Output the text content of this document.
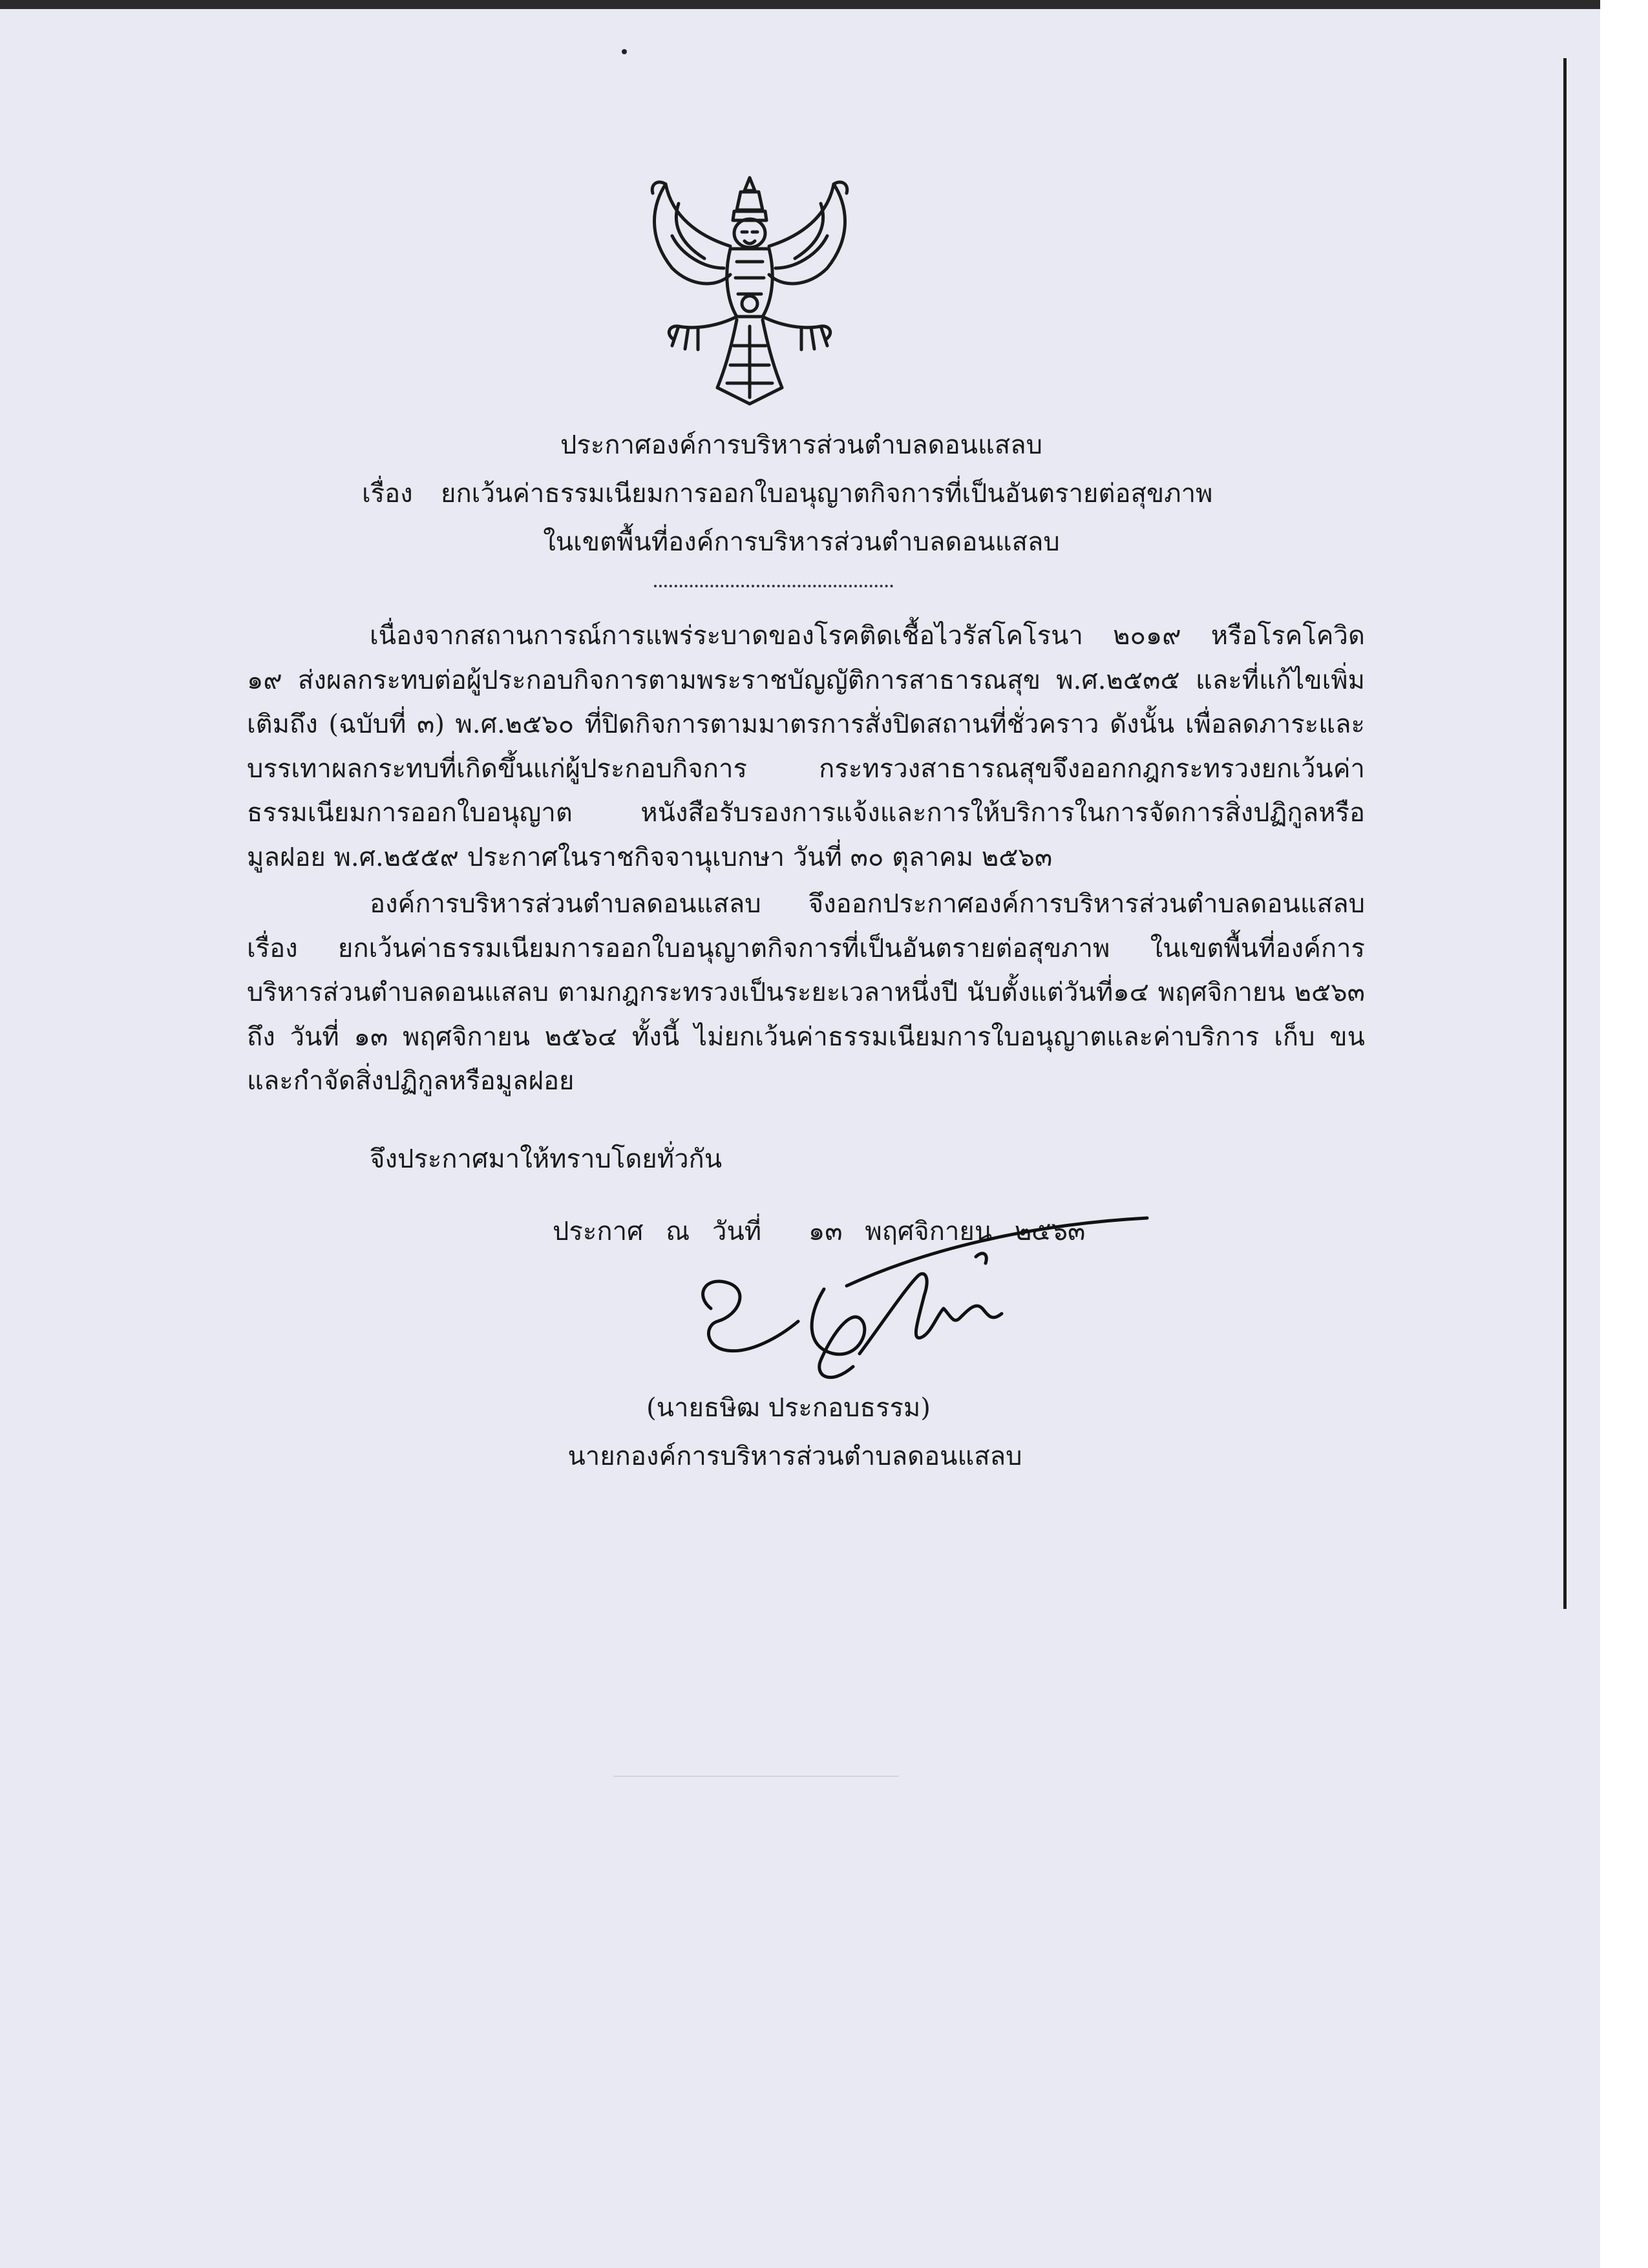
ประกาศองค์การบริหารส่วนตำบลดอนแสลบ
เรื่อง ยกเว้นค่าธรรมเนียมการออกใบอนุญาตกิจการที่เป็นอันตรายต่อสุขภาพ
ในเขตพื้นที่องค์การบริหารส่วนตำบลดอนแสลบ

เนื่องจากสถานการณ์การแพร่ระบาดของโรคติดเชื้อไวรัสโคโรนา ๒๐๑๙ หรือโรคโควิด ๑๙ ส่งผลกระทบต่อผู้ประกอบกิจการตามพระราชบัญญัติการสาธารณสุข พ.ศ.๒๕๓๕ และที่แก้ไขเพิ่มเติมถึง (ฉบับที่ ๓) พ.ศ.๒๕๖๐ ที่ปิดกิจการตามมาตรการสั่งปิดสถานที่ชั่วคราว ดังนั้น เพื่อลดภาระและบรรเทาผลกระทบที่เกิดขึ้นแก่ผู้ประกอบกิจการ กระทรวงสาธารณสุขจึงออกกฎกระทรวงยกเว้นค่าธรรมเนียมการออกใบอนุญาต หนังสือรับรองการแจ้งและการให้บริการในการจัดการสิ่งปฏิกูลหรือมูลฝอย พ.ศ.๒๕๕๙ ประกาศในราชกิจจานุเบกษา วันที่ ๓๐ ตุลาคม ๒๕๖๓

องค์การบริหารส่วนตำบลดอนแสลบ จึงออกประกาศองค์การบริหารส่วนตำบลดอนแสลบ เรื่อง ยกเว้นค่าธรรมเนียมการออกใบอนุญาตกิจการที่เป็นอันตรายต่อสุขภาพ ในเขตพื้นที่องค์การบริหารส่วนตำบลดอนแสลบ ตามกฎกระทรวงเป็นระยะเวลาหนึ่งปี นับตั้งแต่วันที่๑๔ พฤศจิกายน ๒๕๖๓ ถึง วันที่ ๑๓ พฤศจิกายน ๒๕๖๔ ทั้งนี้ ไม่ยกเว้นค่าธรรมเนียมการใบอนุญาตและค่าบริการ เก็บ ขน และกำจัดสิ่งปฏิกูลหรือมูลฝอย

จึงประกาศมาให้ทราบโดยทั่วกัน
ประกาศ ณ วันที่ ๑๓ พฤศจิกายน ๒๕๖๓
(นายธษิฒ ประกอบธรรม)
นายกองค์การบริหารส่วนตำบลดอนแสลบ
